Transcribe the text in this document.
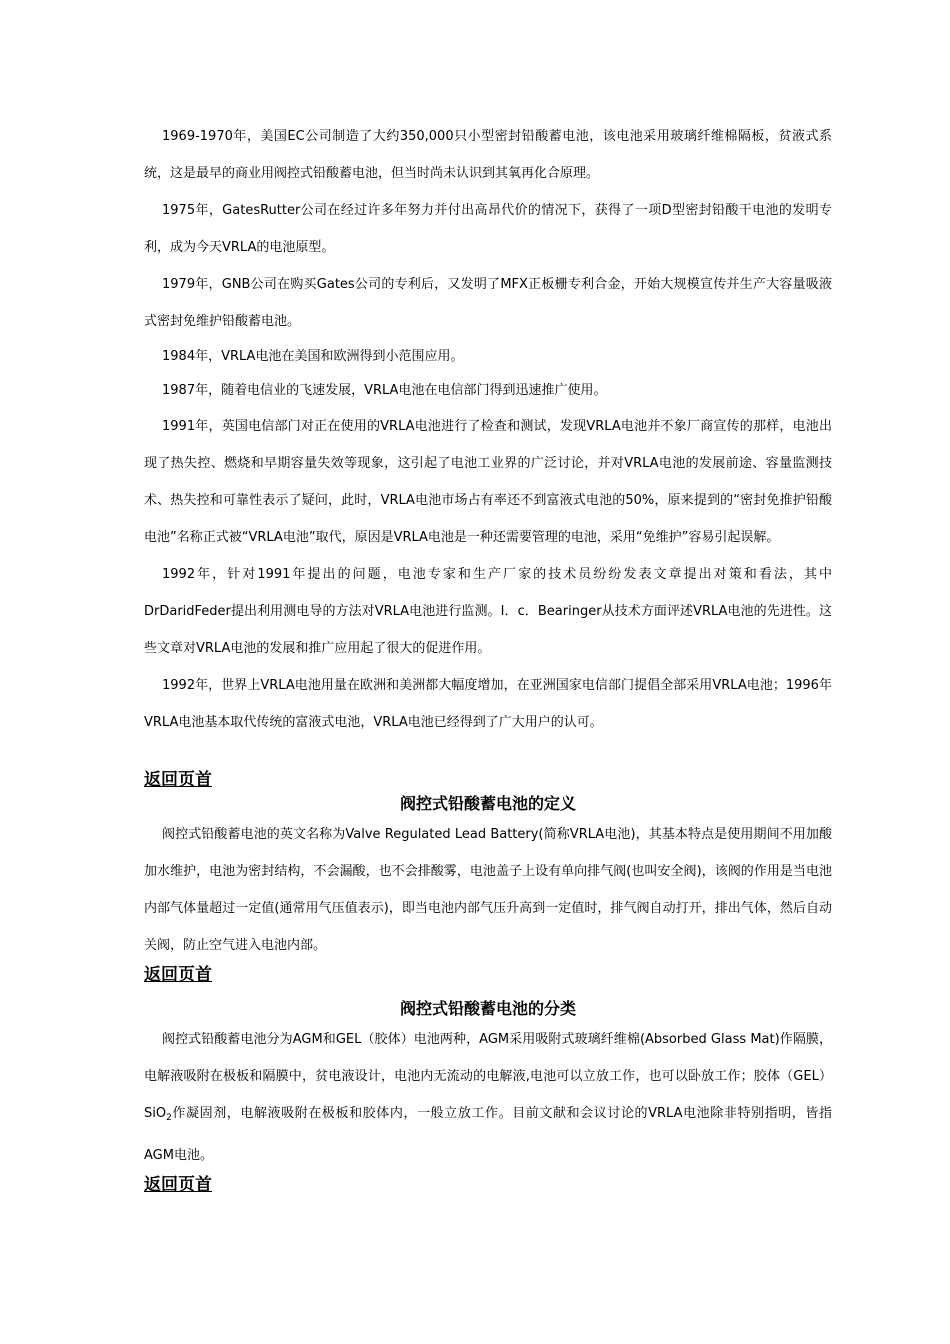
1969-1970年，美国EC公司制造了大约350,000只小型密封铅酸蓄电池，该电池采用玻璃纤维棉隔板，贫液式系统，这是最早的商业用阀控式铅酸蓄电池，但当时尚未认识到其氧再化合原理。

1975年，GatesRutter公司在经过许多年努力并付出高昂代价的情况下，获得了一项D型密封铅酸干电池的发明专利，成为今天VRLA的电池原型。

1979年，GNB公司在购买Gates公司的专利后，又发明了MFX正板栅专利合金，开始大规模宣传并生产大容量吸液式密封免维护铅酸蓄电池。

1984年，VRLA电池在美国和欧洲得到小范围应用。

1987年，随着电信业的飞速发展，VRLA电池在电信部门得到迅速推广使用。

1991年，英国电信部门对正在使用的VRLA电池进行了检查和测试，发现VRLA电池并不象厂商宣传的那样，电池出现了热失控、燃烧和早期容量失效等现象，这引起了电池工业界的广泛讨论，并对VRLA电池的发展前途、容量监测技术、热失控和可靠性表示了疑问，此时，VRLA电池市场占有率还不到富液式电池的50%，原来提到的“密封免推护铅酸电池”名称正式被“VRLA电池”取代，原因是VRLA电池是一种还需要管理的电池，采用“免维护”容易引起误解。

1992年，针对1991年提出的问题，电池专家和生产厂家的技术员纷纷发表文章提出对策和看法，其中DrDaridFeder提出利用测电导的方法对VRLA电池进行监测。I．c．Bearinger从技术方面评述VRLA电池的先进性。这些文章对VRLA电池的发展和推广应用起了很大的促进作用。

1992年，世界上VRLA电池用量在欧洲和美洲都大幅度增加，在亚洲国家电信部门提倡全部采用VRLA电池；1996年VRLA电池基本取代传统的富液式电池，VRLA电池已经得到了广大用户的认可。

返回页首
阀控式铅酸蓄电池的定义

阀控式铅酸蓄电池的英文名称为Valve Regulated Lead Battery(简称VRLA电池)，其基本特点是使用期间不用加酸加水维护，电池为密封结构，不会漏酸，也不会排酸雾，电池盖子上设有单向排气阀(也叫安全阀)，该阀的作用是当电池内部气体量超过一定值(通常用气压值表示)，即当电池内部气压升高到一定值时，排气阀自动打开，排出气体，然后自动关阀，防止空气进入电池内部。

返回页首
阀控式铅酸蓄电池的分类

阀控式铅酸蓄电池分为AGM和GEL（胶体）电池两种，AGM采用吸附式玻璃纤维棉(Absorbed Glass Mat)作隔膜，电解液吸附在极板和隔膜中，贫电液设计，电池内无流动的电解液,电池可以立放工作，也可以卧放工作；胶体（GEL）SiO$_2$作凝固剂，电解液吸附在极板和胶体内，一般立放工作。目前文献和会议讨论的VRLA电池除非特别指明，皆指AGM电池。

返回页首
